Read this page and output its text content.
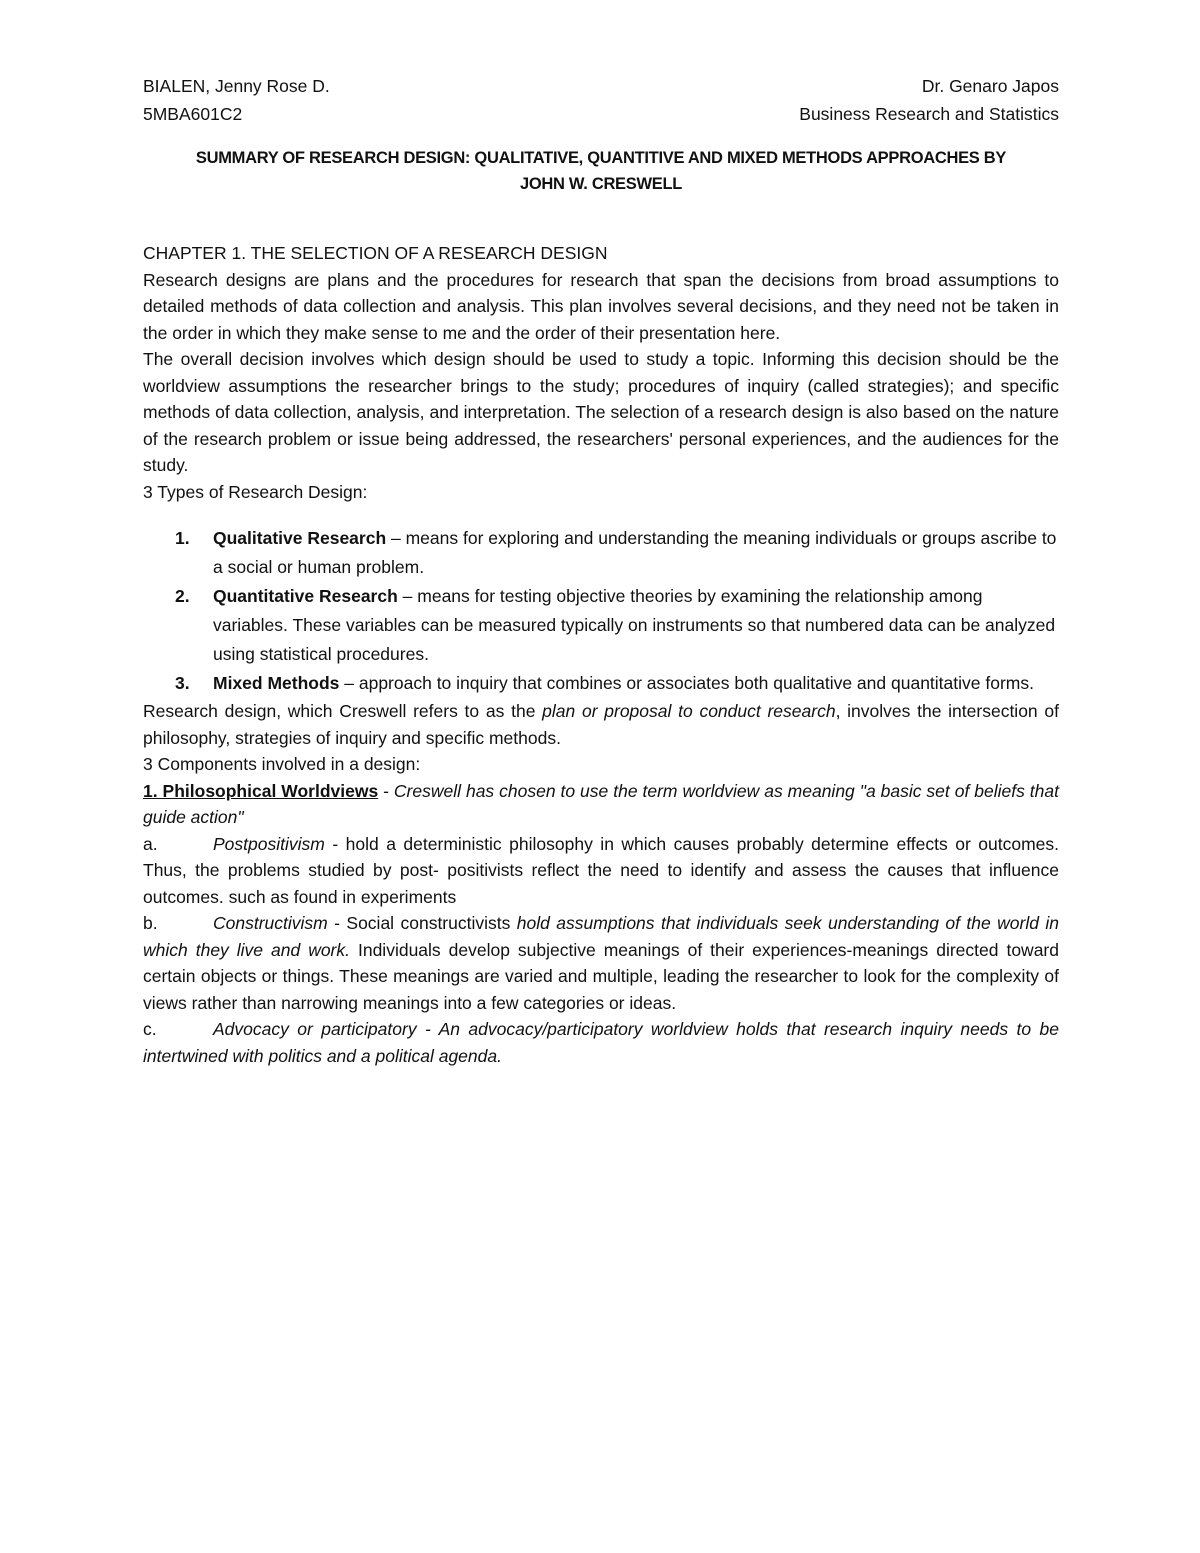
BIALEN, Jenny Rose D.	Dr. Genaro Japos
5MBA601C2	Business Research and Statistics
SUMMARY OF RESEARCH DESIGN: QUALITATIVE, QUANTITIVE AND MIXED METHODS APPROACHES BY
JOHN W. CRESWELL
CHAPTER 1. THE SELECTION OF A RESEARCH DESIGN

Research designs are plans and the procedures for research that span the decisions from broad assumptions to detailed methods of data collection and analysis. This plan involves several decisions, and they need not be taken in the order in which they make sense to me and the order of their presentation here.

The overall decision involves which design should be used to study a topic. Informing this decision should be the worldview assumptions the researcher brings to the study; procedures of inquiry (called strategies); and specific methods of data collection, analysis, and interpretation. The selection of a research design is also based on the nature of the research problem or issue being addressed, the researchers' personal experiences, and the audiences for the study.

3 Types of Research Design:

1. Qualitative Research – means for exploring and understanding the meaning individuals or groups ascribe to a social or human problem.
2. Quantitative Research – means for testing objective theories by examining the relationship among variables. These variables can be measured typically on instruments so that numbered data can be analyzed using statistical procedures.
3. Mixed Methods – approach to inquiry that combines or associates both qualitative and quantitative forms.

Research design, which Creswell refers to as the plan or proposal to conduct research, involves the intersection of philosophy, strategies of inquiry and specific methods.

3 Components involved in a design:

1. Philosophical Worldviews - Creswell has chosen to use the term worldview as meaning "a basic set of beliefs that guide action"

a.	Postpositivism - hold a deterministic philosophy in which causes probably determine effects or outcomes. Thus, the problems studied by post- positivists reflect the need to identify and assess the causes that influence outcomes. such as found in experiments

b.	Constructivism - Social constructivists hold assumptions that individuals seek understanding of the world in which they live and work. Individuals develop subjective meanings of their experiences-meanings directed toward certain objects or things. These meanings are varied and multiple, leading the researcher to look for the complexity of views rather than narrowing meanings into a few categories or ideas.

c.	Advocacy or participatory - An advocacy/participatory worldview holds that research inquiry needs to be intertwined with politics and a political agenda.
